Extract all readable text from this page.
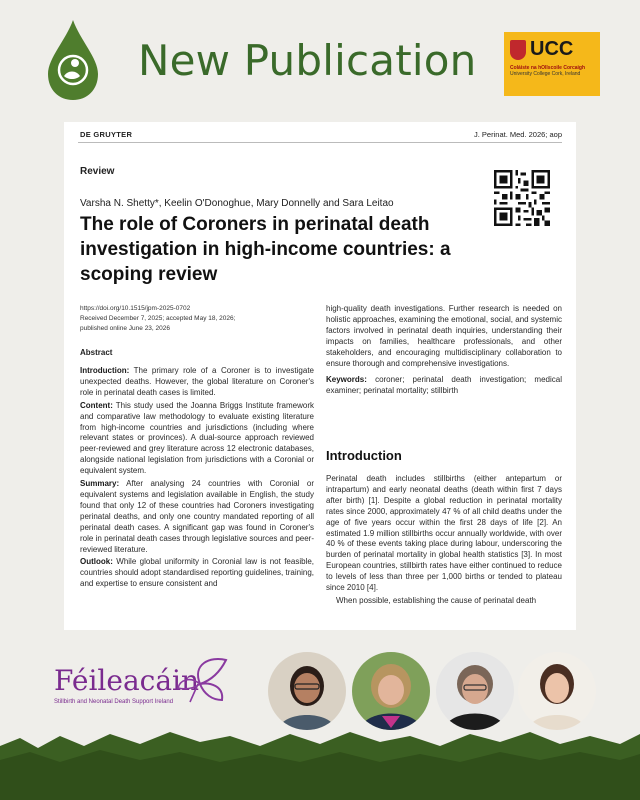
New Publication	UCC
Coláiste na hOllscoile Corcaigh
University College Cork, Ireland
DE GRUYTER	J. Perinat. Med. 2026; aop
Review
Varsha N. Shetty*, Keelin O'Donoghue, Mary Donnelly and Sara Leitao
The role of Coroners in perinatal death investigation in high-income countries: a scoping review
https://doi.org/10.1515/jpm-2025-0702
Received December 7, 2025; accepted May 18, 2026;
published online June 23, 2026
Abstract

Introduction: The primary role of a Coroner is to investigate unexpected deaths. However, the global literature on Coroner's role in perinatal death cases is limited.

Content: This study used the Joanna Briggs Institute framework and comparative law methodology to evaluate existing literature from high-income countries and jurisdictions (including where relevant states or provinces). A dual-source approach reviewed peer-reviewed and grey literature across 12 electronic databases, alongside national legislation from jurisdictions with a Coronial or equivalent system.

Summary: After analysing 24 countries with Coronial or equivalent systems and legislation available in English, the study found that only 12 of these countries had Coroners investigating perinatal deaths, and only one country mandated reporting of all perinatal death cases. A significant gap was found in Coroner's role in perinatal death cases through legislative sources and peer-reviewed literature.

Outlook: While global uniformity in Coronial law is not feasible, countries should adopt standardised reporting guidelines, training, and expertise to ensure consistent and

high-quality death investigations. Further research is needed on holistic approaches, examining the emotional, social, and systemic factors involved in perinatal death inquiries, understanding their impacts on families, healthcare professionals, and other stakeholders, and encouraging multidisciplinary collaboration to ensure thorough and comprehensive investigations.

Keywords: coroner; perinatal death investigation; medical examiner; perinatal mortality; stillbirth

Introduction

Perinatal death includes stillbirths (either antepartum or intrapartum) and early neonatal deaths (death within first 7 days after birth) [1]. Despite a global reduction in perinatal mortality rates since 2000, approximately 47 % of all child deaths under the age of five years occur within the first 28 days of life [2]. An estimated 1.9 million stillbirths occur annually worldwide, with over 40 % of these events taking place during labour, underscoring the burden of perinatal mortality in global health statistics [3]. In most European countries, stillbirth rates have either continued to reduce to levels of less than three per 1,000 births or tended to plateau since 2010 [4].

When possible, establishing the cause of perinatal death

Féileacáin
Stillbirth and Neonatal Death Support Ireland
